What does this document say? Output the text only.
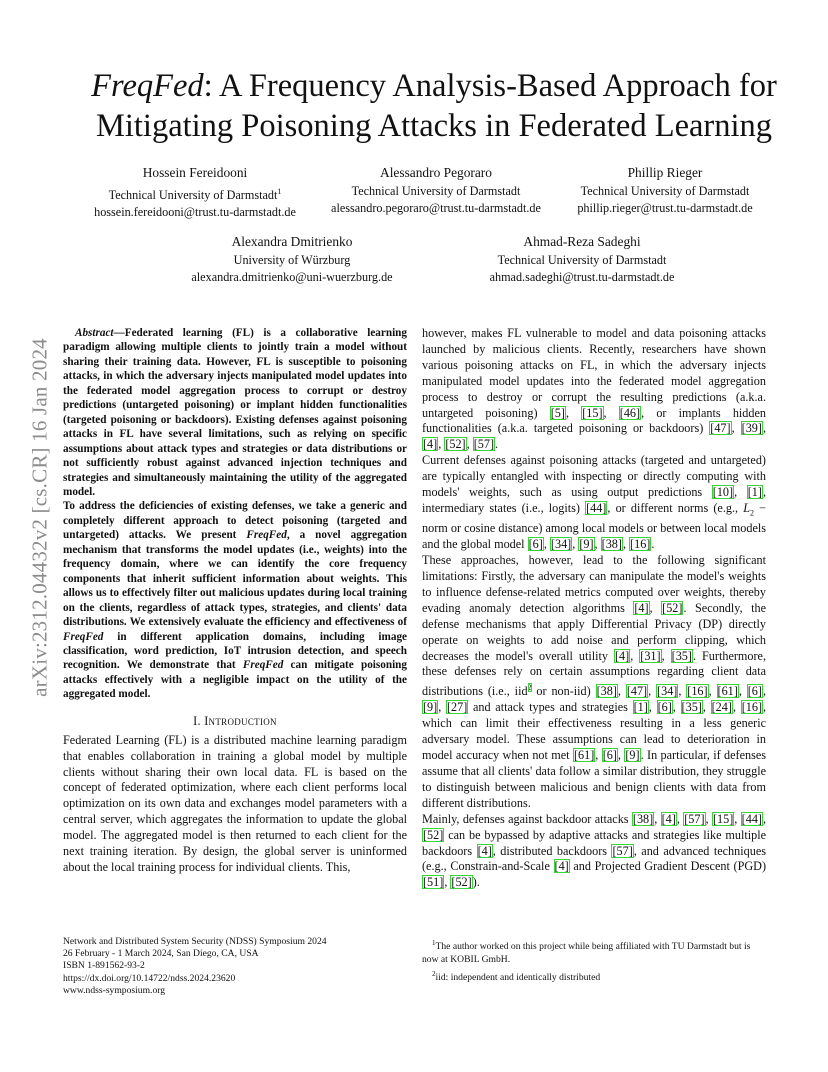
arXiv:2312.04432v2 [cs.CR] 16 Jan 2024
FreqFed: A Frequency Analysis-Based Approach for
Mitigating Poisoning Attacks in Federated Learning
Hossein Fereidooni
Technical University of Darmstadt$^1$
hossein.fereidooni@trust.tu-darmstadt.de
Alessandro Pegoraro
Technical University of Darmstadt
alessandro.pegoraro@trust.tu-darmstadt.de
Phillip Rieger
Technical University of Darmstadt
phillip.rieger@trust.tu-darmstadt.de
Alexandra Dmitrienko
University of Würzburg
alexandra.dmitrienko@uni-wuerzburg.de
Ahmad-Reza Sadeghi
Technical University of Darmstadt
ahmad.sadeghi@trust.tu-darmstadt.de

Abstract—Federated learning (FL) is a collaborative learning paradigm allowing multiple clients to jointly train a model without sharing their training data. However, FL is susceptible to poisoning attacks, in which the adversary injects manipulated model updates into the federated model aggregation process to corrupt or destroy predictions (untargeted poisoning) or implant hidden functionalities (targeted poisoning or backdoors). Existing defenses against poisoning attacks in FL have several limitations, such as relying on specific assumptions about attack types and strategies or data distributions or not sufficiently robust against advanced injection techniques and strategies and simultaneously maintaining the utility of the aggregated model.

To address the deficiencies of existing defenses, we take a generic and completely different approach to detect poisoning (targeted and untargeted) attacks. We present FreqFed, a novel aggregation mechanism that transforms the model updates (i.e., weights) into the frequency domain, where we can identify the core frequency components that inherit sufficient information about weights. This allows us to effectively filter out malicious updates during local training on the clients, regardless of attack types, strategies, and clients' data distributions. We extensively evaluate the efficiency and effectiveness of FreqFed in different application domains, including image classification, word prediction, IoT intrusion detection, and speech recognition. We demonstrate that FreqFed can mitigate poisoning attacks effectively with a negligible impact on the utility of the aggregated model.

I. Introduction

Federated Learning (FL) is a distributed machine learning paradigm that enables collaboration in training a global model by multiple clients without sharing their own local data. FL is based on the concept of federated optimization, where each client performs local optimization on its own data and exchanges model parameters with a central server, which aggregates the information to update the global model. The aggregated model is then returned to each client for the next training iteration. By design, the global server is uninformed about the local training process for individual clients. This,

however, makes FL vulnerable to model and data poisoning attacks launched by malicious clients. Recently, researchers have shown various poisoning attacks on FL, in which the adversary injects manipulated model updates into the federated model aggregation process to destroy or corrupt the resulting predictions (a.k.a. untargeted poisoning) [5], [15], [46], or implants hidden functionalities (a.k.a. targeted poisoning or backdoors) [47], [39], [4], [52], [57].

Current defenses against poisoning attacks (targeted and untargeted) are typically entangled with inspecting or directly computing with models' weights, such as using output predictions [10], [1], intermediary states (i.e., logits) [44], or different norms (e.g., $L_2$ − norm or cosine distance) among local models or between local models and the global model [6], [34], [9], [38], [16].

These approaches, however, lead to the following significant limitations: Firstly, the adversary can manipulate the model's weights to influence defense-related metrics computed over weights, thereby evading anomaly detection algorithms [4], [52]. Secondly, the defense mechanisms that apply Differential Privacy (DP) directly operate on weights to add noise and perform clipping, which decreases the model's overall utility [4], [31], [35]. Furthermore, these defenses rely on certain assumptions regarding client data distributions (i.e., iid$^2$ or non-iid) [38], [47], [34], [16], [61], [6], [9], [27] and attack types and strategies [1], [6], [35], [24], [16], which can limit their effectiveness resulting in a less generic adversary model. These assumptions can lead to deterioration in model accuracy when not met [61], [6], [9]. In particular, if defenses assume that all clients' data follow a similar distribution, they struggle to distinguish between malicious and benign clients with data from different distributions.

Mainly, defenses against backdoor attacks [38], [4], [57], [15], [44], [52] can be bypassed by adaptive attacks and strategies like multiple backdoors [4], distributed backdoors [57], and advanced techniques (e.g., Constrain-and-Scale [4] and Projected Gradient Descent (PGD) [51], [52]).

Network and Distributed System Security (NDSS) Symposium 2024
26 February - 1 March 2024, San Diego, CA, USA
ISBN 1-891562-93-2
https://dx.doi.org/10.14722/ndss.2024.23620
www.ndss-symposium.org

$^1$The author worked on this project while being affiliated with TU Darmstadt but is now at KOBIL GmbH.

$^2$iid: independent and identically distributed
